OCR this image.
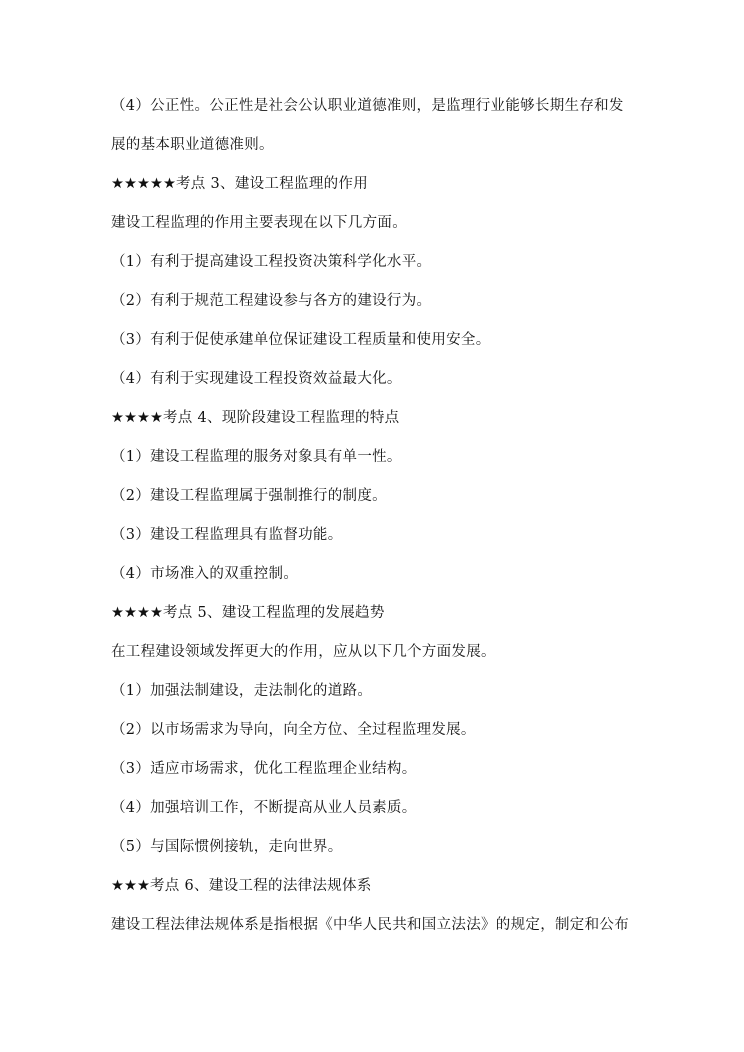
（4）公正性。公正性是社会公认职业道德准则，是监理行业能够长期生存和发
展的基本职业道德准则。
★★★★★考点 3、建设工程监理的作用
建设工程监理的作用主要表现在以下几方面。
（1）有利于提高建设工程投资决策科学化水平。
（2）有利于规范工程建设参与各方的建设行为。
（3）有利于促使承建单位保证建设工程质量和使用安全。
（4）有利于实现建设工程投资效益最大化。
★★★★考点 4、现阶段建设工程监理的特点
（1）建设工程监理的服务对象具有单一性。
（2）建设工程监理属于强制推行的制度。
（3）建设工程监理具有监督功能。
（4）市场准入的双重控制。
★★★★考点 5、建设工程监理的发展趋势
在工程建设领域发挥更大的作用，应从以下几个方面发展。
（1）加强法制建设，走法制化的道路。
（2）以市场需求为导向，向全方位、全过程监理发展。
（3）适应市场需求，优化工程监理企业结构。
（4）加强培训工作，不断提高从业人员素质。
（5）与国际惯例接轨，走向世界。
★★★考点 6、建设工程的法律法规体系
建设工程法律法规体系是指根据《中华人民共和国立法法》的规定，制定和公布
